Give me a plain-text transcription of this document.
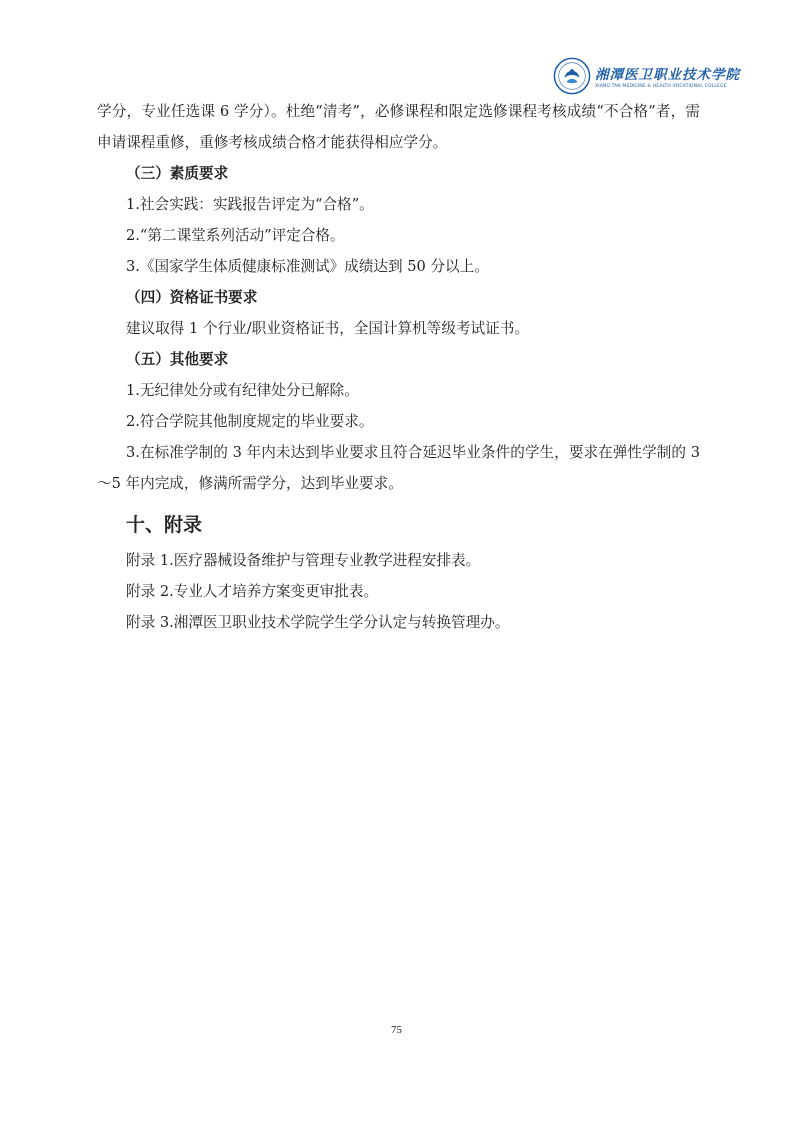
湘潭医卫职业技术学院
XIANG'TAN MEDICINE & HEALTH VOCATIONAL COLLEGE

学分，专业任选课 6 学分）。杜绝“清考”，必修课程和限定选修课程考核成绩“不合格”者，需申请课程重修，重修考核成绩合格才能获得相应学分。

（三）素质要求

1.社会实践：实践报告评定为“合格”。

2.“第二课堂系列活动”评定合格。

3.《国家学生体质健康标准测试》成绩达到 50 分以上。

（四）资格证书要求

建议取得 1 个行业/职业资格证书，全国计算机等级考试证书。

（五）其他要求

1.无纪律处分或有纪律处分已解除。

2.符合学院其他制度规定的毕业要求。

3.在标准学制的 3 年内未达到毕业要求且符合延迟毕业条件的学生，要求在弹性学制的 3～5 年内完成，修满所需学分，达到毕业要求。

十、附录

附录 1.医疗器械设备维护与管理专业教学进程安排表。

附录 2.专业人才培养方案变更审批表。

附录 3.湘潭医卫职业技术学院学生学分认定与转换管理办。

75
